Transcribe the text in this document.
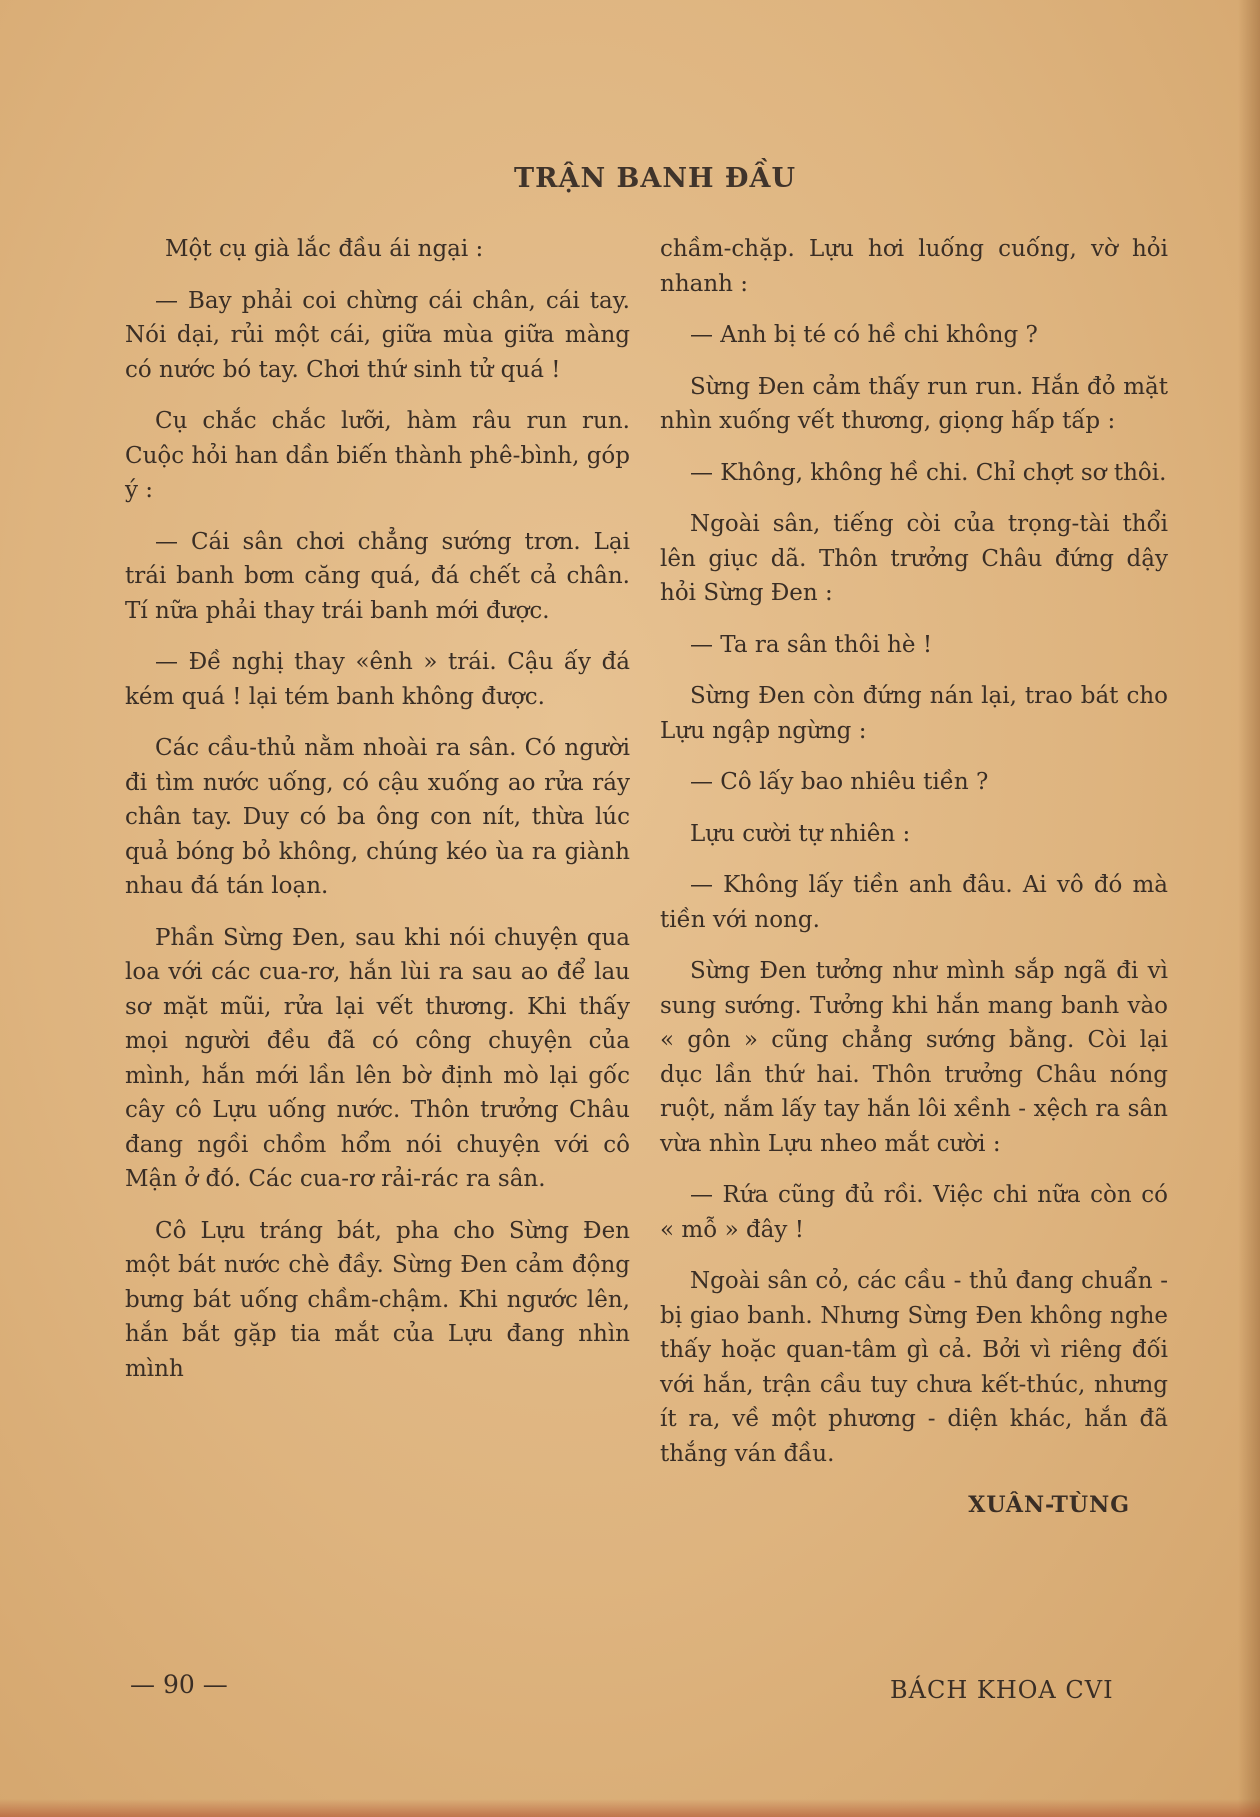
TRẬN BANH ĐẦU

Một cụ già lắc đầu ái ngại :

— Bay phải coi chừng cái chân, cái tay. Nói dại, rủi một cái, giữa mùa giữa màng có nước bó tay. Chơi thứ sinh tử quá !

Cụ chắc chắc lưỡi, hàm râu run run. Cuộc hỏi han dần biến thành phê-bình, góp ý :

— Cái sân chơi chẳng sướng trơn. Lại trái banh bơm căng quá, đá chết cả chân. Tí nữa phải thay trái banh mới được.

— Đề nghị thay «ênh » trái. Cậu ấy đá kém quá ! lại tém banh không được.

Các cầu-thủ nằm nhoài ra sân. Có người đi tìm nước uống, có cậu xuống ao rửa ráy chân tay. Duy có ba ông con nít, thừa lúc quả bóng bỏ không, chúng kéo ùa ra giành nhau đá tán loạn.

Phần Sừng Đen, sau khi nói chuyện qua loa với các cua-rơ, hắn lùi ra sau ao để lau sơ mặt mũi, rửa lại vết thương. Khi thấy mọi người đều đã có công chuyện của mình, hắn mới lần lên bờ định mò lại gốc cây cô Lựu uống nước. Thôn trưởng Châu đang ngồi chồm hổm nói chuyện với cô Mận ở đó. Các cua-rơ rải-rác ra sân.

Cô Lựu tráng bát, pha cho Sừng Đen một bát nước chè đầy. Sừng Đen cảm động bưng bát uống chầm-chậm. Khi ngước lên, hắn bắt gặp tia mắt của Lựu đang nhìn mình

chầm-chặp. Lựu hơi luống cuống, vờ hỏi nhanh :

— Anh bị té có hề chi không ?

Sừng Đen cảm thấy run run. Hắn đỏ mặt nhìn xuống vết thương, giọng hấp tấp :

— Không, không hề chi. Chỉ chợt sơ thôi.

Ngoài sân, tiếng còi của trọng-tài thổi lên giục dã. Thôn trưởng Châu đứng dậy hỏi Sừng Đen :

— Ta ra sân thôi hè !

Sừng Đen còn đứng nán lại, trao bát cho Lựu ngập ngừng :

— Cô lấy bao nhiêu tiền ?

Lựu cười tự nhiên :

— Không lấy tiền anh đâu. Ai vô đó mà tiền với nong.

Sừng Đen tưởng như mình sắp ngã đi vì sung sướng. Tưởng khi hắn mang banh vào « gôn » cũng chẳng sướng bằng. Còi lại dục lần thứ hai. Thôn trưởng Châu nóng ruột, nắm lấy tay hắn lôi xềnh - xệch ra sân vừa nhìn Lựu nheo mắt cười :

— Rứa cũng đủ rồi. Việc chi nữa còn có « mỗ » đây !

Ngoài sân cỏ, các cầu - thủ đang chuẩn - bị giao banh. Nhưng Sừng Đen không nghe thấy hoặc quan-tâm gì cả. Bởi vì riêng đối với hắn, trận cầu tuy chưa kết-thúc, nhưng ít ra, về một phương - diện khác, hắn đã thắng ván đầu.

XUÂN-TÙNG
— 90 —	BÁCH KHOA CVI
